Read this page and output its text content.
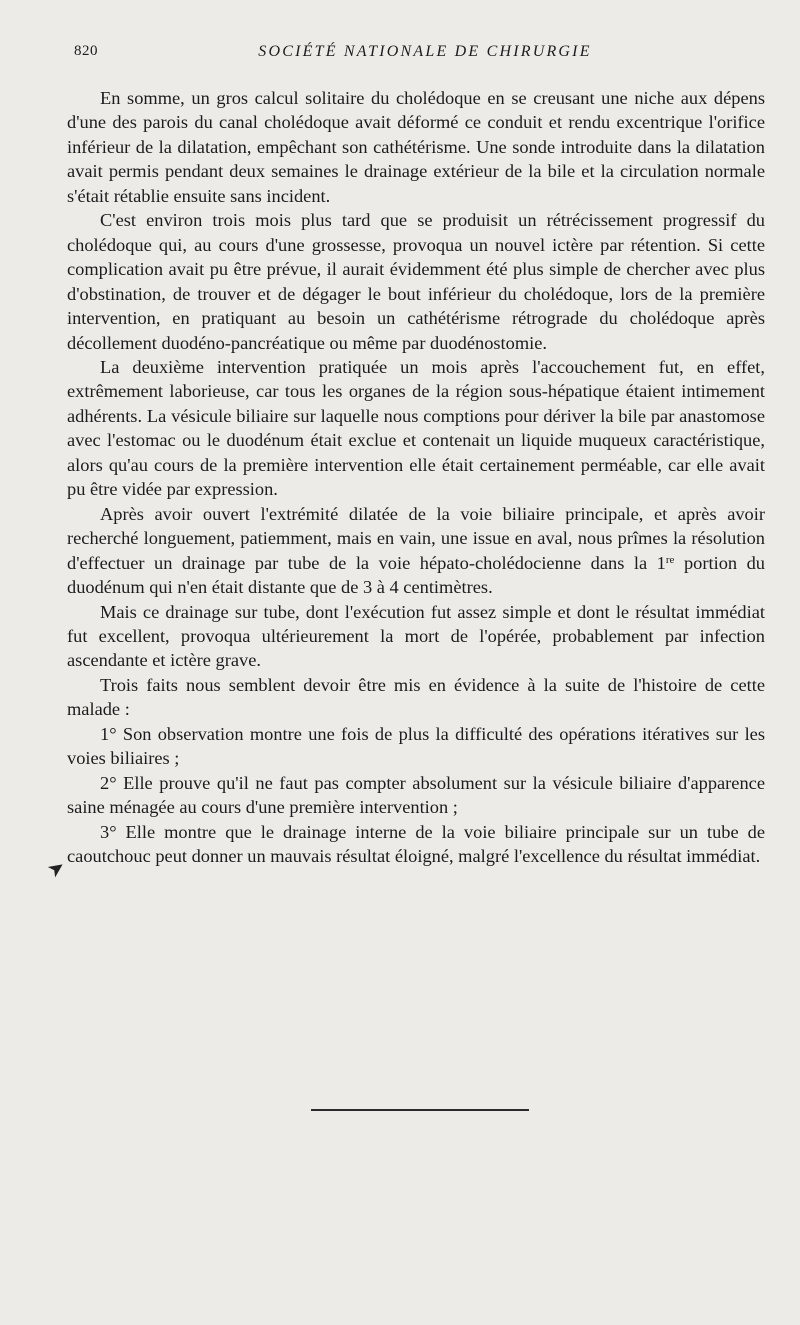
820	SOCIÉTÉ NATIONALE DE CHIRURGIE
➤

En somme, un gros calcul solitaire du cholédoque en se creusant une niche aux dépens d'une des parois du canal cholédoque avait déformé ce conduit et rendu excentrique l'orifice inférieur de la dilatation, empêchant son cathétérisme. Une sonde introduite dans la dilatation avait permis pendant deux semaines le drainage extérieur de la bile et la circulation normale s'était rétablie ensuite sans incident.

C'est environ trois mois plus tard que se produisit un rétrécissement progressif du cholédoque qui, au cours d'une grossesse, provoqua un nouvel ictère par rétention. Si cette complication avait pu être prévue, il aurait évidemment été plus simple de chercher avec plus d'obstination, de trouver et de dégager le bout inférieur du cholédoque, lors de la première intervention, en pratiquant au besoin un cathétérisme rétrograde du cholédoque après décollement duodéno-pancréatique ou même par duodénostomie.

La deuxième intervention pratiquée un mois après l'accouchement fut, en effet, extrêmement laborieuse, car tous les organes de la région sous-hépatique étaient intimement adhérents. La vésicule biliaire sur laquelle nous comptions pour dériver la bile par anastomose avec l'estomac ou le duodénum était exclue et contenait un liquide muqueux caractéristique, alors qu'au cours de la première intervention elle était certainement perméable, car elle avait pu être vidée par expression.

Après avoir ouvert l'extrémité dilatée de la voie biliaire principale, et après avoir recherché longuement, patiemment, mais en vain, une issue en aval, nous prîmes la résolution d'effectuer un drainage par tube de la voie hépato-cholédocienne dans la 1re portion du duodénum qui n'en était distante que de 3 à 4 centimètres.

Mais ce drainage sur tube, dont l'exécution fut assez simple et dont le résultat immédiat fut excellent, provoqua ultérieurement la mort de l'opérée, probablement par infection ascendante et ictère grave.

Trois faits nous semblent devoir être mis en évidence à la suite de l'histoire de cette malade :

1° Son observation montre une fois de plus la difficulté des opérations itératives sur les voies biliaires ;

2° Elle prouve qu'il ne faut pas compter absolument sur la vésicule biliaire d'apparence saine ménagée au cours d'une première intervention ;

3° Elle montre que le drainage interne de la voie biliaire principale sur un tube de caoutchouc peut donner un mauvais résultat éloigné, malgré l'excellence du résultat immédiat.
